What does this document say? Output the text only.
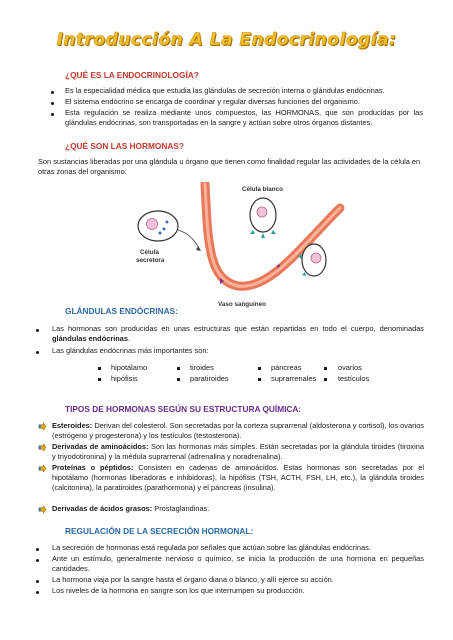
Introducción A La Endocrinología:
¿QUÉ ES LA ENDOCRINOLOGÍA?
Es la especialidad médica que estudia las glándulas de secreción interna o glándulas endócrinas.
El sistema endócrino se encarga de coordinar y regular diversas funciones del organismo.
Esta regulación se realiza mediante unos compuestos, las HORMONAS, que son producidas por las glándulas endócrinas, son transportadas en la sangre y actúan sobre otros órganos distantes.
¿QUÉ SON LAS HORMONAS?
Son sustancias liberadas por una glándula u órgano que tienen como finalidad regular las actividades de la célula en otras zonas del organismo.
Célula
secretora
Célula blanco
Vaso sanguíneo
GLÁNDULAS ENDÓCRINAS:
Las hormonas son producidas en unas estructuras que están repartidas en todo el cuerpo, denominadas glándulas endócrinas.
Las glándulas endócrinas más importantes son:
hipotálamo	tiroides	páncreas	ovarios
hipófisis	paratiroides	suprarrenales	testículos
TIPOS DE HORMONAS SEGÚN SU ESTRUCTURA QUÍMICA:
Esteroides: Derivan del colesterol. Son secretadas por la corteza suprarrenal (aldosterona y cortisol), los ovarios (estrógeno y progesterona) y los testículos (testosterona).
Derivadas de aminoácidos: Son las hormonas más simples. Están secretadas por la glándula tiroides (tiroxina y triyodotironina) y la médula suprarrenal (adrenalina y noradrenalina).
Proteínas o péptidos: Consisten en cadenas de aminoácidos. Estas hormonas son secretadas por el hipotálamo (hormonas liberadoras e inhibidoras), la hipófisis (TSH, ACTH, FSH, LH, etc.), la glándula tiroides (calcitonina), la paratiroides (parathormona) y el páncreas (insulina).
Derivadas de ácidos grasos: Prostaglandinas.
REGULACIÓN DE LA SECRECIÓN HORMONAL:
La secreción de hormonas está regulada por señales que actúan sobre las glándulas endócrinas.
Ante un estímulo, generalmente nervioso o químico, se inicia la producción de una hormona en pequeñas cantidades.
La hormona viaja por la sangre hasta el órgano diana o blanco, y allí ejerce su acción.
Los niveles de la hormona en sangre son los que interrumpen su producción.
